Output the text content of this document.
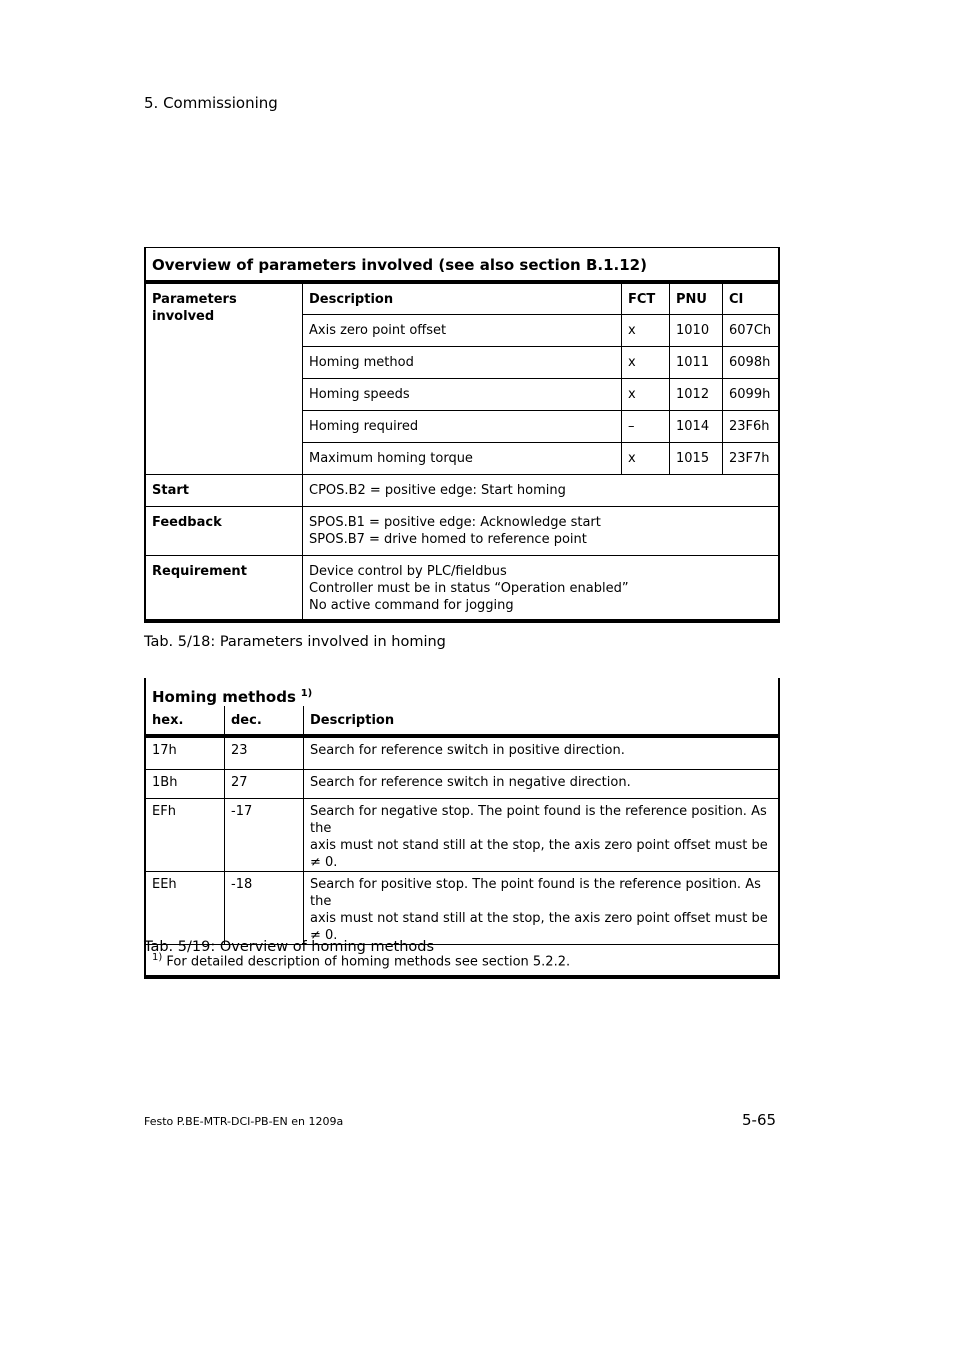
5. Commissioning
Overview of parameters involved (see also section B.1.12)				
Parameters involved	Description	FCT	PNU	CI
	Axis zero point offset	x	1010	607Ch
	Homing method	x	1011	6098h
	Homing speeds	x	1012	6099h
	Homing required	–	1014	23F6h
	Maximum homing torque	x	1015	23F7h
Start	CPOS.B2 = positive edge: Start homing			
Feedback	SPOS.B1 = positive edge: Acknowledge start
SPOS.B7 = drive homed to reference point			

Requirement	Device control by PLC/fieldbus
Controller must be in status “Operation enabled”
No active command for jogging			
Tab. 5/18: Parameters involved in homing
Homing methods $^{1)}$
hex.	dec.	Description
17h	23	Search for reference switch in positive direction.

1Bh	27	Search for reference switch in negative direction.

EFh	-17	Search for negative stop. The point found is the reference position. As the
axis must not stand still at the stop, the axis zero point offset must be ≠ 0.

EEh	-18	Search for positive stop. The point found is the reference position. As the
axis must not stand still at the stop, the axis zero point offset must be ≠ 0.

$^{1)}$ For detailed description of homing methods see section 5.2.2.		
Tab. 5/19: Overview of homing methods
Festo P.BE-MTR-DCI-PB-EN en 1209a	5-65
